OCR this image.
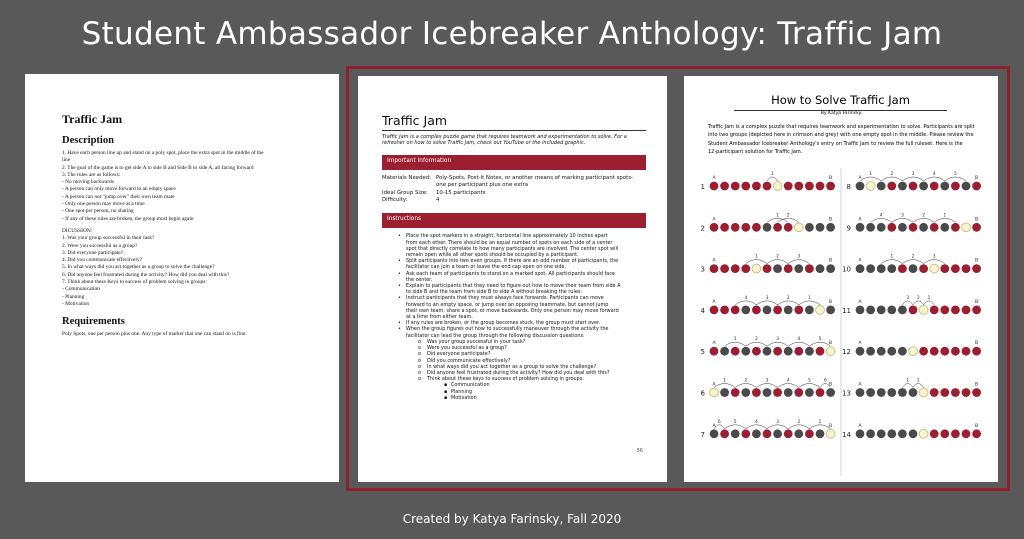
Student Ambassador Icebreaker Anthology: Traffic Jam
Traffic Jam
Description
1. Have each person line up and stand on a poly spot, place the extra spot in the middle of the
line
2. The goal of the game is to get side A to side B and Side B to side A, all facing forward
3. The rules are as follows:
- No moving backwards
- A person can only move forward to an empty space
- A person can not "jump over" their own team mate
- Only one person may move at a time
- One spot per person, no sharing
- If any of these rules are broken, the group must begin again
DICUSSION:
1. Was your group successful in their task?
2. Were you successful as a group?
3. Did everyone participate?
4. Did you communicate effectively?
5. In what ways did you act together as a group to solve the challenge?
6. Did anyone feel frustrated during the activity? How did you deal with this?
7. Think about these Keys to success of problem solving in groups:
- Communication
- Planning
- Motivation
Requirements
Poly Spots, one per person plus one. Any type of marker that one can stand on is fine.
Traffic Jam
Traffic Jam is a complex puzzle game that requires teamwork and experimentation to solve. For a
refresher on how to solve Traffic Jam, check out YouTube or the included graphic.
Important Information
Materials Needed: Poly-Spots, Post-it Notes, or another means of marking participant spots-
one per participant plus one extra
Ideal Group Size:	10-15 participants
Difficulty:	4
Instructions
•	Place the spot markers in a straight, horizontal line approximately 10 inches apart
from each other. There should be an equal number of spots on each side of a center
spot that directly correlate to how many participants are involved. The center spot will
remain open while all other spots should be occupied by a participant.
•	Split participants into two even groups. If there are an odd number of participants, the
facilitator can join a team or leave the end cap open on one side.
•	Ask each team of participants to stand on a marked spot. All participants should face
the center.
•	Explain to participants that they need to figure out how to move their team from side A
to side B and the team from side B to side A without breaking the rules:
•	Instruct participants that they must always face forwards. Participants can move
forward to an empty space, or jump over an opposing teammate, but cannot jump
their own team, share a spot, or move backwards. Only one person may move forward
at a time from either team.
•	If any rules are broken, or the group becomes stuck, the group must start over.
•	When the group figures out how to successfully maneuver through the activity the
facilitator can lead the group through the following discussion questions:
o	Was your group successful in your task?
o	Were you successful as a group?
o	Did everyone participate?
o	Did you communicate effectively?
o	In what ways did you act together as a group to solve the challenge?
o	Did anyone feel frustrated during the activity? How did you deal with this?
o	Think about these keys to success of problem solving in groups:
▪ Communication
▪ Planning
▪ Motivation
56
How to Solve Traffic Jam
By Katya Farinsky
Traffic Jam is a complex puzzle that requires teamwork and experimentation to solve. Participants are split
into two groups (depicted here in crimson and grey) with one empty spot in the middle. Please review the
Student Ambassador Icebreaker Anthology's entry on Traffic Jam to review the full ruleset. Here is the
12-participant solution for Traffic Jam.
1
A	B
1
2
A	B
1 2
3
A	B
1	2	3
4
A	B
1
2
3
4
5
A	B
1	2	3	4	5
6
A	B
1	2	3	4	5	6
7
A	B
1
2
3
4
5
6
8
A	B
1	2	3	4	5
9
A	B
1
2
3
4
10
A	B
1	2	3
11
A	B
1
2
3
12
A	B
13
A	B
1 2
14
A	B
Created by Katya Farinsky, Fall 2020
